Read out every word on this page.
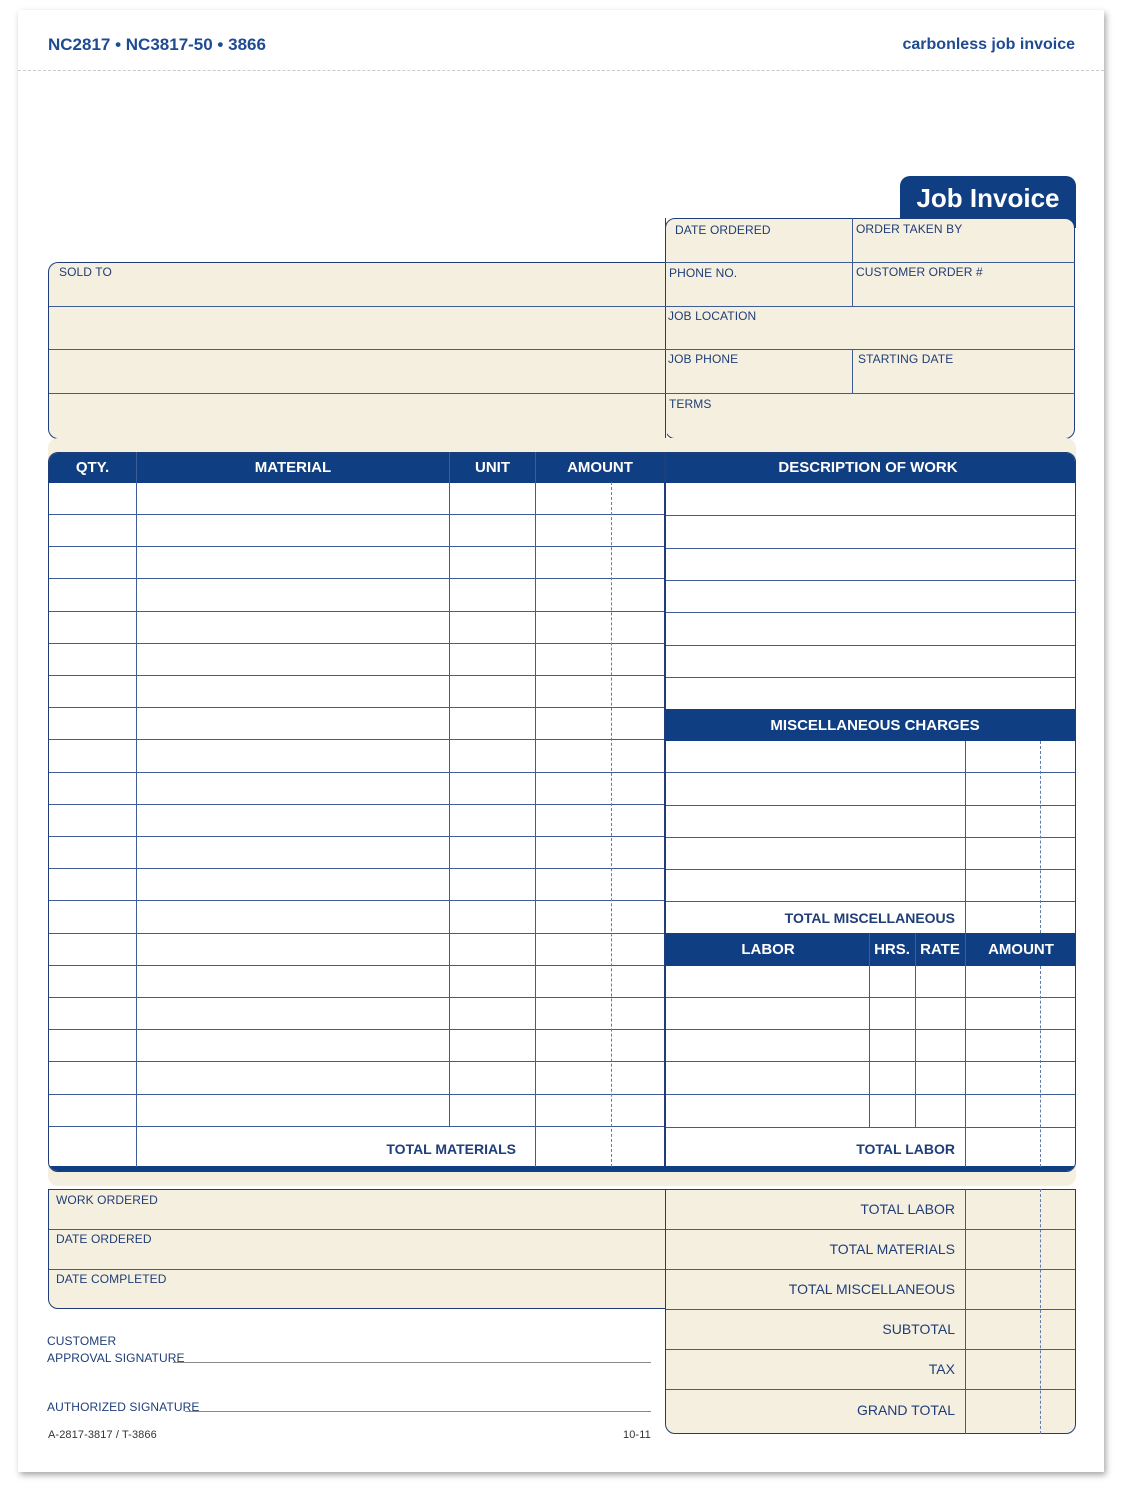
NC2817 • NC3817-50 • 3866	carbonless job invoice
Job Invoice
SOLD TO
DATE ORDERED	ORDER TAKEN BY
PHONE NO.	CUSTOMER ORDER #
JOB LOCATION
JOB PHONE	STARTING DATE
TERMS
QTY.	MATERIAL	UNIT	AMOUNT	DESCRIPTION OF WORK
TOTAL MATERIALS
MISCELLANEOUS CHARGES
TOTAL MISCELLANEOUS
LABOR	HRS. RATE	AMOUNT
TOTAL LABOR
WORK ORDERED
DATE ORDERED
DATE COMPLETED
TOTAL LABOR
TOTAL MATERIALS
TOTAL MISCELLANEOUS
SUBTOTAL
TAX
GRAND TOTAL
CUSTOMER
APPROVAL SIGNATURE
AUTHORIZED SIGNATURE
A-2817-3817 / T-3866	10-11
